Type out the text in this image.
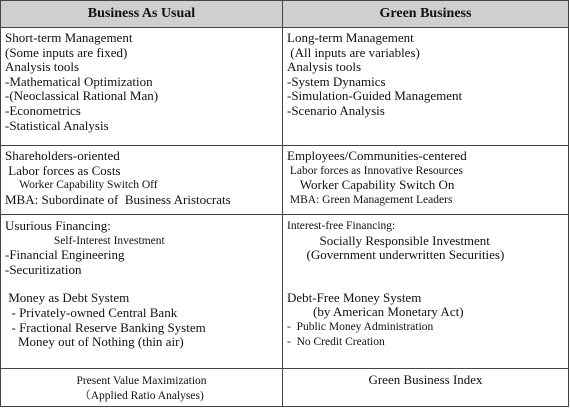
Business As Usual	Green Business
Short-term Management
(Some inputs are fixed)
Analysis tools
-Mathematical Optimization
-(Neoclassical Rational Man)
-Econometrics
-Statistical Analysis
Long-term Management
(All inputs are variables)
Analysis tools
-System Dynamics
-Simulation-Guided Management
-Scenario Analysis
Shareholders-oriented
Labor forces as Costs
Worker Capability Switch Off
MBA: Subordinate of  Business Aristocrats
Employees/Communities-centered
Labor forces as Innovative Resources
Worker Capability Switch On
MBA: Green Management Leaders
Usurious Financing:
Self-Interest Investment
-Financial Engineering
-Securitization
Money as Debt System
- Privately-owned Central Bank
- Fractional Reserve Banking System
Money out of Nothing (thin air)
Interest-free Financing:
Socially Responsible Investment
(Government underwritten Securities)
Debt-Free Money System
(by American Monetary Act)
-  Public Money Administration
-  No Credit Creation
Present Value Maximization
（Applied Ratio Analyses)
Green Business Index
